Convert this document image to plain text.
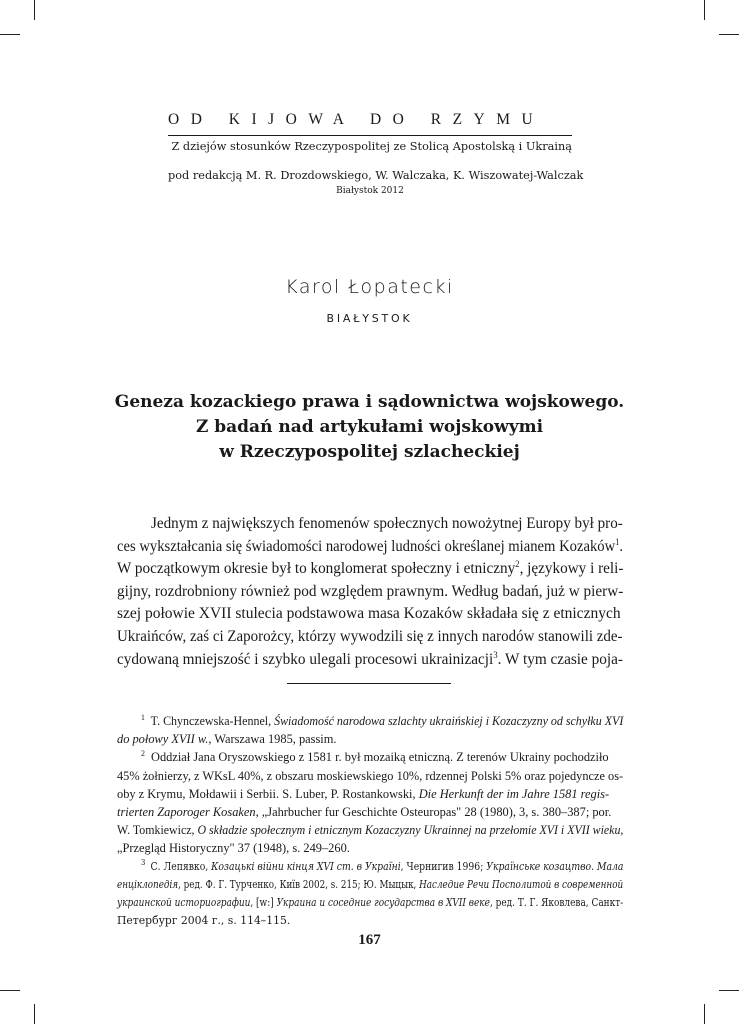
OD KIJOWA DO RZYMU
Z dziejów stosunków Rzeczypospolitej ze Stolicą Apostolską i Ukrainą
pod redakcją M. R. Drozdowskiego, W. Walczaka, K. Wiszowatej-Walczak
Białystok 2012
Karol Łopatecki
BIAŁYSTOK
Geneza kozackiego prawa i sądownictwa wojskowego.
Z badań nad artykułami wojskowymi
w Rzeczypospolitej szlacheckiej
Jednym z największych fenomenów społecznych nowożytnej Europy był pro-
ces wykształcania się świadomości narodowej ludności określanej mianem Kozaków$^1$.
W początkowym okresie był to konglomerat społeczny i etniczny$^2$, językowy i reli-
gijny, rozdrobniony również pod względem prawnym. Według badań, już w pierw-
szej połowie XVII stulecia podstawowa masa Kozaków składała się z etnicznych
Ukraińców, zaś ci Zaporożcy, którzy wywodzili się z innych narodów stanowili zde-
cydowaną mniejszość i szybko ulegali procesowi ukrainizacji$^3$. W tym czasie poja-
$^1$ T. Chynczewska-Hennel, Świadomość narodowa szlachty ukraińskiej i Kozaczyzny od schyłku XVI
do połowy XVII w., Warszawa 1985, passim.
$^2$ Oddział Jana Oryszowskiego z 1581 r. był mozaiką etniczną. Z terenów Ukrainy pochodziło
45% żołnierzy, z WKsL 40%, z obszaru moskiewskiego 10%, rdzennej Polski 5% oraz pojedyncze os-
oby z Krymu, Mołdawii i Serbii. S. Luber, P. Rostankowski, Die Herkunft der im Jahre 1581 regis-
trierten Zaporoger Kosaken, „Jahrbucher fur Geschichte Osteuropas" 28 (1980), 3, s. 380–387; por.
W. Tomkiewicz, O składzie społecznym i etnicznym Kozaczyzny Ukrainnej na przełomie XVI i XVII wieku,
„Przegląd Historyczny" 37 (1948), s. 249–260.
$^3$ С. Лепявко, Козацькі війни кінця XVI ст. в Україні, Чернигив 1996; Українське козацтво. Мала
енціклопедія, ред. Ф. Г. Турченко, Київ 2002, s. 215; Ю. Мыцык, Наследие Речи Посполитой в современной
украинской историографии, [w:] Украина и соседние государства в XVII веке, ред. Т. Г. Яковлева, Санкт-
Петербург 2004 г., s. 114–115.
167
